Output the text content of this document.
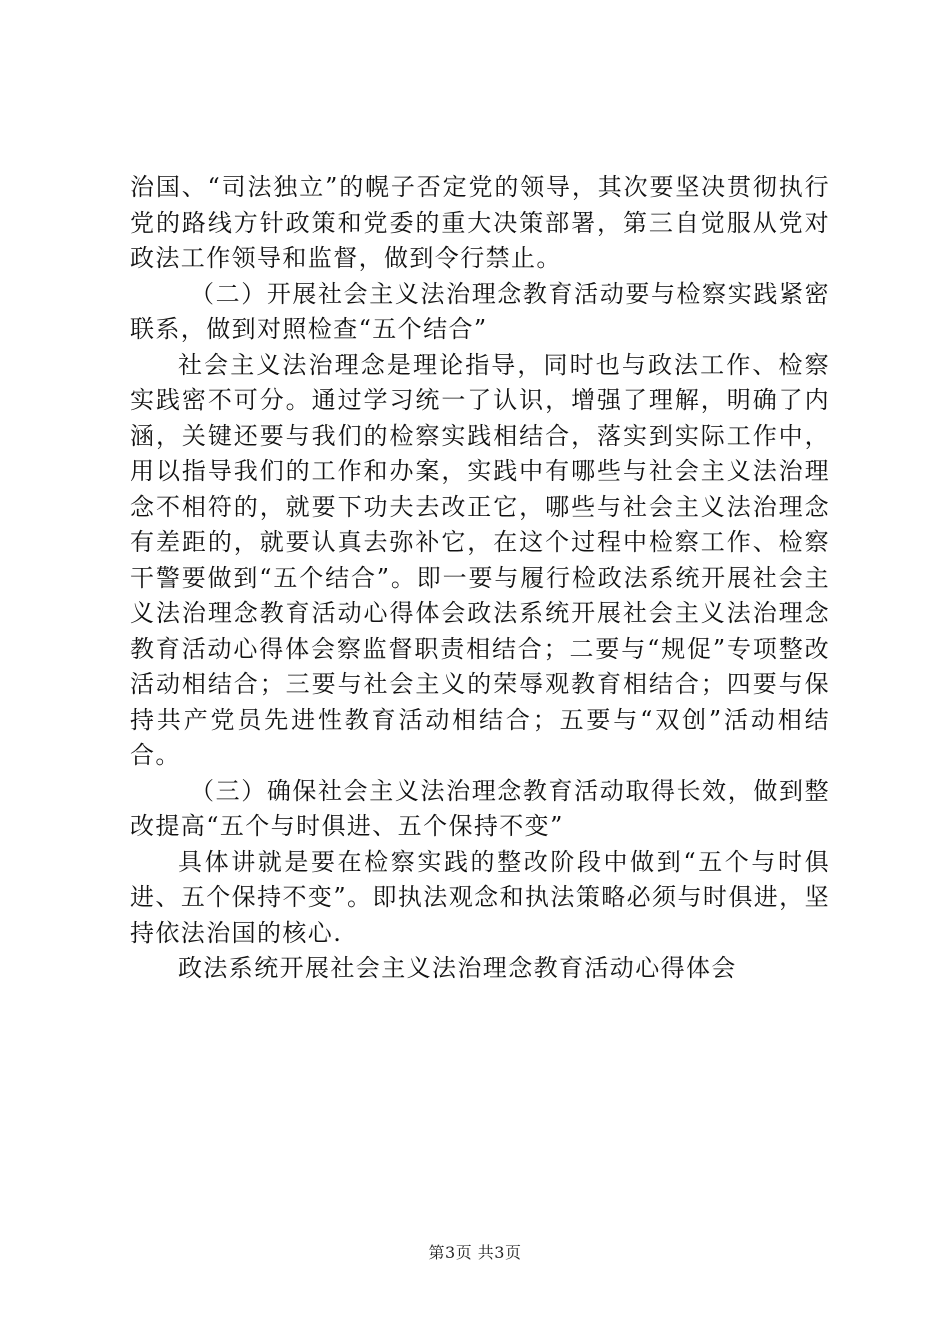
治国、“司法独立”的幌子否定党的领导，其次要坚决贯彻执行党的路线方针政策和党委的重大决策部署，第三自觉服从党对政法工作领导和监督，做到令行禁止。

（二）开展社会主义法治理念教育活动要与检察实践紧密联系，做到对照检查“五个结合”

社会主义法治理念是理论指导，同时也与政法工作、检察实践密不可分。通过学习统一了认识，增强了理解，明确了内涵，关键还要与我们的检察实践相结合，落实到实际工作中，用以指导我们的工作和办案，实践中有哪些与社会主义法治理念不相符的，就要下功夫去改正它，哪些与社会主义法治理念有差距的，就要认真去弥补它，在这个过程中检察工作、检察干警要做到“五个结合”。即一要与履行检政法系统开展社会主义法治理念教育活动心得体会政法系统开展社会主义法治理念教育活动心得体会察监督职责相结合；二要与“规促”专项整改活动相结合；三要与社会主义的荣辱观教育相结合；四要与保持共产党员先进性教育活动相结合；五要与“双创”活动相结合。

（三）确保社会主义法治理念教育活动取得长效，做到整改提高“五个与时俱进、五个保持不变”

具体讲就是要在检察实践的整改阶段中做到“五个与时俱进、五个保持不变”。即执法观念和执法策略必须与时俱进，坚持依法治国的核心.

政法系统开展社会主义法治理念教育活动心得体会

第3页 共3页
